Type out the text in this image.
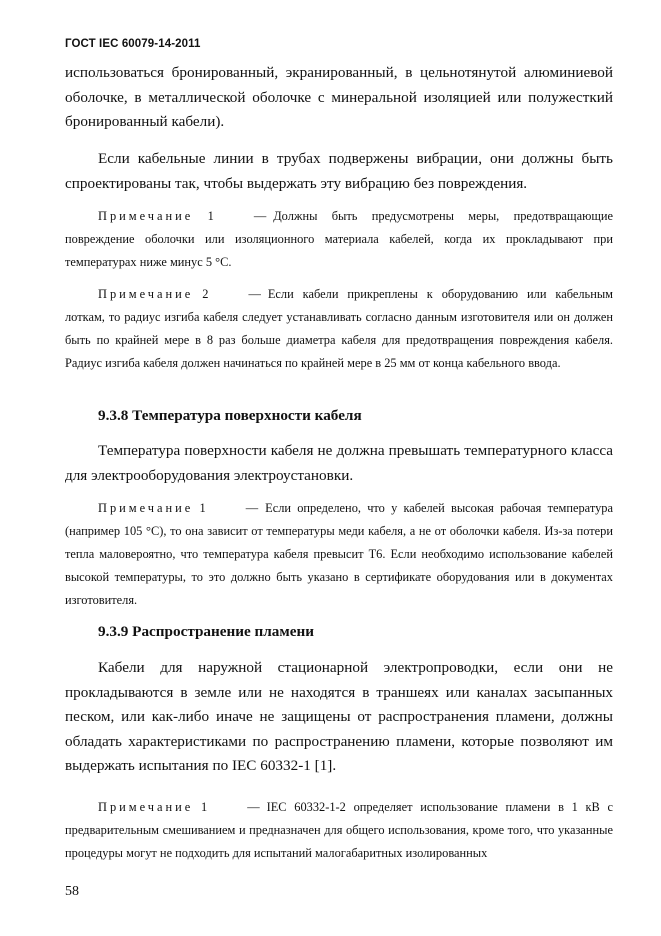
ГОСТ IEC 60079-14-2011

использоваться бронированный, экранированный, в цельнотянутой алюминиевой оболочке, в металлической оболочке с минеральной изоляцией или полужесткий бронированный кабели).

Если кабельные линии в трубах подвержены вибрации, они должны быть спроектированы так, чтобы выдержать эту вибрацию без повреждения.

Примечание 1	— Должны быть предусмотрены меры, предотвращающие повреждение оболочки или изоляционного материала кабелей, когда их прокладывают при температурах ниже минус 5 °С.

Примечание 2	— Если кабели прикреплены к оборудованию или кабельным лоткам, то радиус изгиба кабеля следует устанавливать согласно данным изготовителя или он должен быть по крайней мере в 8 раз больше диаметра кабеля для предотвращения повреждения кабеля. Радиус изгиба кабеля должен начинаться по крайней мере в 25 мм от конца кабельного ввода.

9.3.8 Температура поверхности кабеля

Температура поверхности кабеля не должна превышать температурного класса для электрооборудования электроустановки.

Примечание 1	— Если определено, что у кабелей высокая рабочая температура (например 105 °С), то она зависит от температуры меди кабеля, а не от оболочки кабеля. Из-за потери тепла маловероятно, что температура кабеля превысит Т6. Если необходимо использование кабелей высокой температуры, то это должно быть указано в сертификате оборудования или в документах изготовителя.

9.3.9 Распространение пламени

Кабели для наружной стационарной электропроводки, если они не прокладываются в земле или не находятся в траншеях или каналах засыпанных песком, или как-либо иначе не защищены от распространения пламени, должны обладать характеристиками по распространению пламени, которые позволяют им выдержать испытания по IEC 60332-1 [1].

Примечание 1	— IEC 60332-1-2 определяет использование пламени в 1 кВ с предварительным смешиванием и предназначен для общего использования, кроме того, что указанные процедуры могут не подходить для испытаний малогабаритных изолированных

58
